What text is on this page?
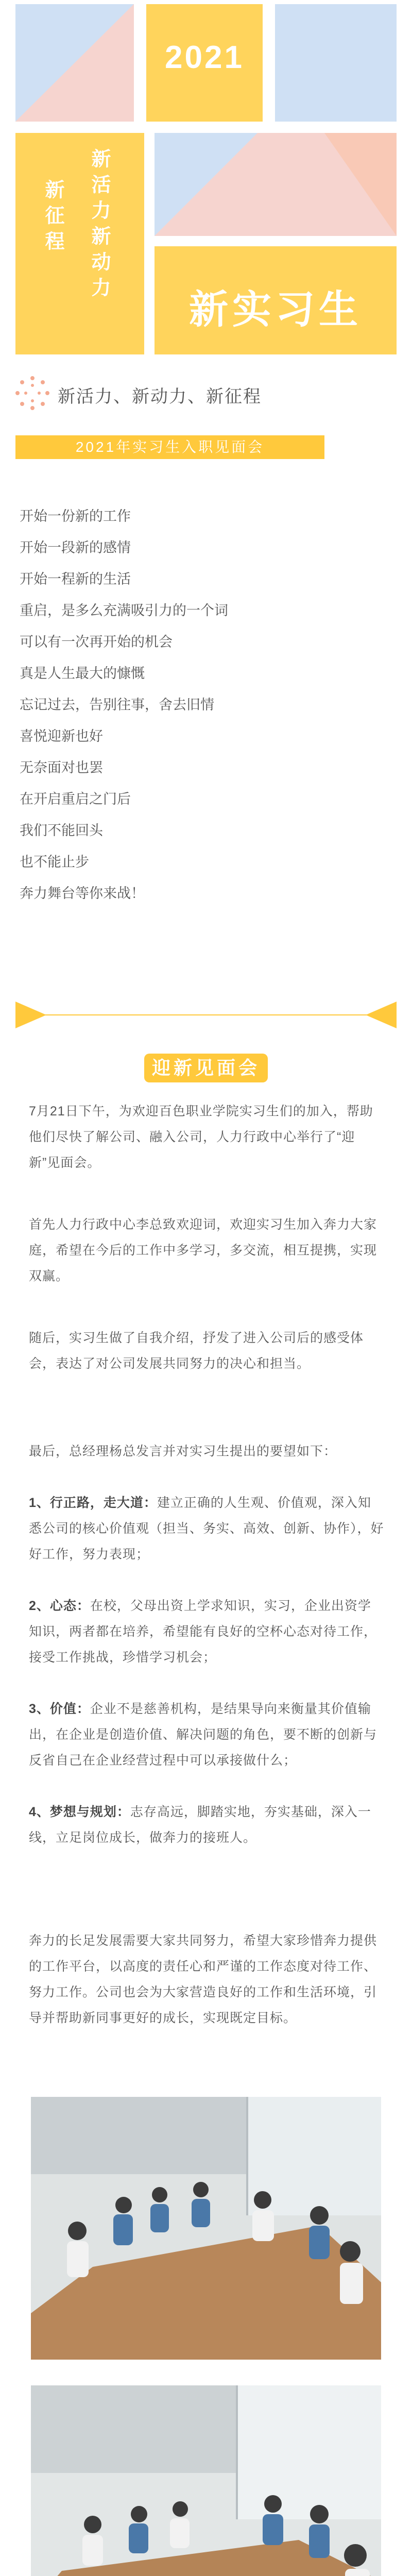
2021
新活力新动力
新征程
新实习生
新活力、新动力、新征程
2021年实习生入职见面会
开始一份新的工作
开始一段新的感情
开始一程新的生活
重启，是多么充满吸引力的一个词
可以有一次再开始的机会
真是人生最大的慷慨
忘记过去，告别往事，舍去旧情
喜悦迎新也好
无奈面对也罢
在开启重启之门后
我们不能回头
也不能止步
奔力舞台等你来战！
迎新见面会
7月21日下午，为欢迎百色职业学院实习生们的加入，帮助他们尽快了解公司、融入公司，人力行政中心举行了“迎新”见面会。
首先人力行政中心李总致欢迎词，欢迎实习生加入奔力大家庭，希望在今后的工作中多学习，多交流，相互提携，实现双赢。
随后，实习生做了自我介绍，抒发了进入公司后的感受体会，表达了对公司发展共同努力的决心和担当。
最后，总经理杨总发言并对实习生提出的要望如下：
1、行正路，走大道：建立正确的人生观、价值观，深入知悉公司的核心价值观（担当、务实、高效、创新、协作），好好工作，努力表现；
2、心态：在校，父母出资上学求知识，实习，企业出资学知识，两者都在培养，希望能有良好的空杯心态对待工作，接受工作挑战，珍惜学习机会；
3、价值：企业不是慈善机构，是结果导向来衡量其价值输出，在企业是创造价值、解决问题的角色，要不断的创新与反省自己在企业经营过程中可以承接做什么；
4、梦想与规划：志存高远，脚踏实地，夯实基础，深入一线，立足岗位成长，做奔力的接班人。
奔力的长足发展需要大家共同努力，希望大家珍惜奔力提供的工作平台，以高度的责任心和严谨的工作态度对待工作、努力工作。公司也会为大家营造良好的工作和生活环境，引导并帮助新同事更好的成长，实现既定目标。
